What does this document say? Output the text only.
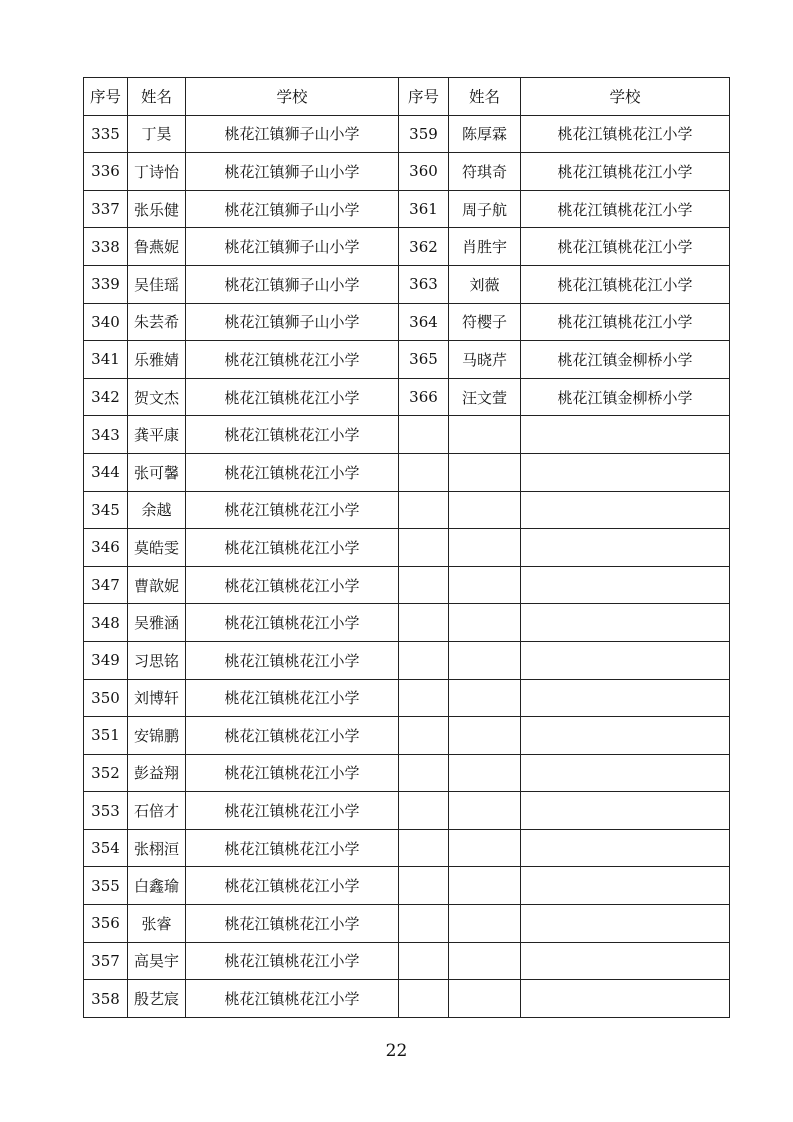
序号	姓名	学校	序号	姓名	学校
335	丁昊	桃花江镇狮子山小学	359	陈厚霖	桃花江镇桃花江小学
336	丁诗怡	桃花江镇狮子山小学	360	符琪奇	桃花江镇桃花江小学
337	张乐健	桃花江镇狮子山小学	361	周子航	桃花江镇桃花江小学
338	鲁燕妮	桃花江镇狮子山小学	362	肖胜宇	桃花江镇桃花江小学
339	吴佳瑶	桃花江镇狮子山小学	363	刘薇	桃花江镇桃花江小学
340	朱芸希	桃花江镇狮子山小学	364	符樱子	桃花江镇桃花江小学
341	乐雅婧	桃花江镇桃花江小学	365	马晓芹	桃花江镇金柳桥小学
342	贺文杰	桃花江镇桃花江小学	366	汪文萱	桃花江镇金柳桥小学
343	龚平康	桃花江镇桃花江小学			
344	张可馨	桃花江镇桃花江小学			
345	余越	桃花江镇桃花江小学			
346	莫皓雯	桃花江镇桃花江小学			
347	曹歆妮	桃花江镇桃花江小学			
348	吴雅涵	桃花江镇桃花江小学			
349	习思铭	桃花江镇桃花江小学			
350	刘博轩	桃花江镇桃花江小学			
351	安锦鹏	桃花江镇桃花江小学			
352	彭益翔	桃花江镇桃花江小学			
353	石倍才	桃花江镇桃花江小学			
354	张栩洹	桃花江镇桃花江小学			
355	白鑫瑜	桃花江镇桃花江小学			
356	张睿	桃花江镇桃花江小学			
357	高昊宇	桃花江镇桃花江小学			
358	殷艺宸	桃花江镇桃花江小学			
22
